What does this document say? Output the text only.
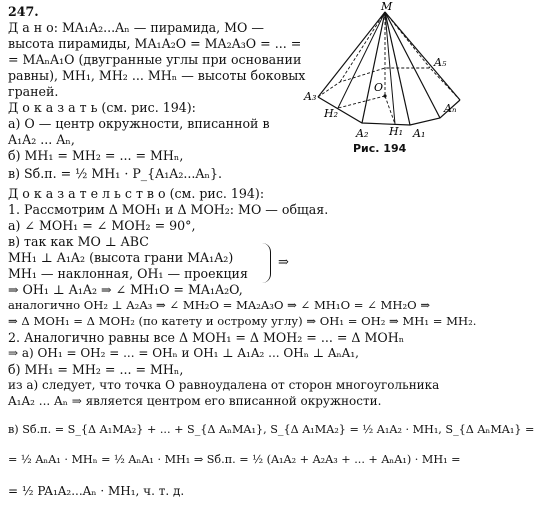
247.
Д а н о: MA₁A₂...Aₙ — пирамида, MO —
высота пирамиды, MA₁A₂O = MA₂A₃O = ... =
= MAₙA₁O (двугранные углы при основании
равны), MH₁, MH₂ ... MHₙ — высоты боковых
граней.
Д о к а з а т ь (см. рис. 194):
а) O — центр окружности, вписанной в
A₁A₂ ... Aₙ,
б) MH₁ = MH₂ = ... = MHₙ,
в) Sб.п. = ½ MH₁ · P_{A₁A₂...Aₙ}.
Д о к а з а т е л ь с т в о (см. рис. 194):
1. Рассмотрим Δ MOH₁ и Δ MOH₂: MO — общая.
а) ∠ MOH₁ = ∠ MOH₂ = 90°,
в) так как MO ⊥ ABC
MH₁ ⊥ A₁A₂ (высота грани MA₁A₂)
MH₁ — наклонная, OH₁ — проекция
⇒
⇒ OH₁ ⊥ A₁A₂ ⇒ ∠ MH₁O = MA₁A₂O,
аналогично OH₂ ⊥ A₂A₃ ⇒ ∠ MH₂O = MA₂A₃O ⇒ ∠ MH₁O = ∠ MH₂O ⇒
⇒ Δ MOH₁ = Δ MOH₂ (по катету и острому углу) ⇒ OH₁ = OH₂ ⇒ MH₁ = MH₂.
2. Аналогично равны все Δ MOH₁ = Δ MOH₂ = ... = Δ MOHₙ
⇒ а) OH₁ = OH₂ = ... = OHₙ и OH₁ ⊥ A₁A₂ ... OHₙ ⊥ AₙA₁,
б) MH₁ = MH₂ = ... = MHₙ,
из а) следует, что точка O равноудалена от сторон многоугольника
A₁A₂ ... Aₙ ⇒ является центром его вписанной окружности.
в) Sб.п. = S_{Δ A₁MA₂} + ... + S_{Δ AₙMA₁}, S_{Δ A₁MA₂} = ½ A₁A₂ · MH₁, S_{Δ AₙMA₁} =
= ½ AₙA₁ · MHₙ = ½ AₙA₁ · MH₁ ⇒ Sб.п. = ½ (A₁A₂ + A₂A₃ + ... + AₙA₁) · MH₁ =
= ½ PA₁A₂...Aₙ · MH₁, ч. т. д.
M
A₁
A₂
A₃
Aₙ
A₅
H₁
H₂
O
Рис. 194
